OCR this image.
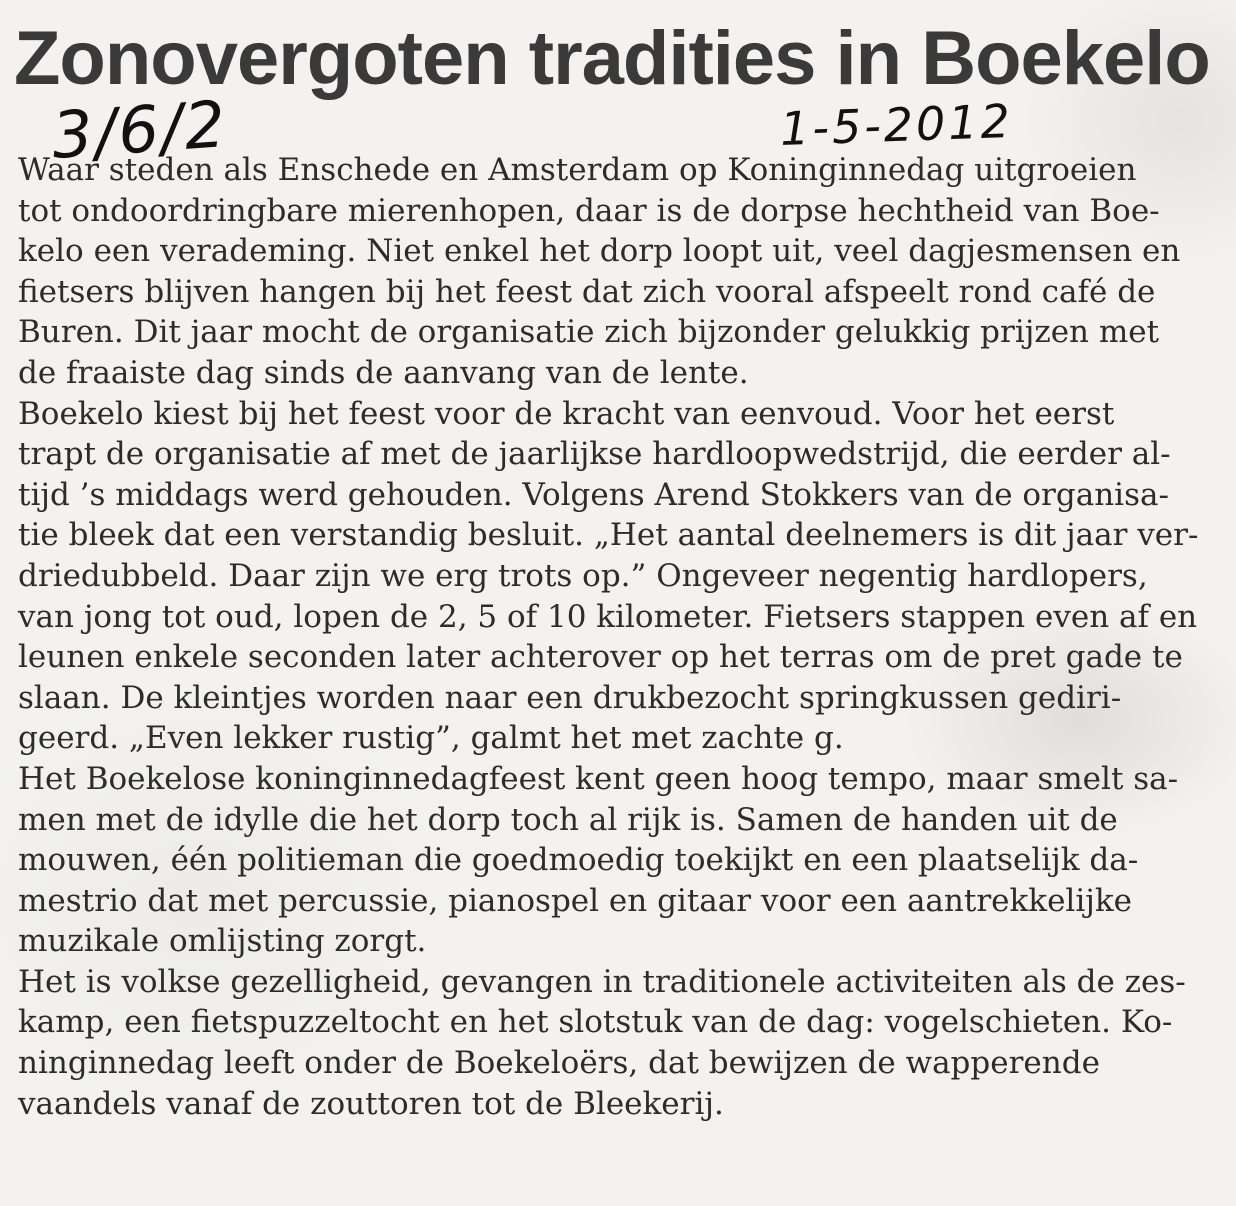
Zonovergoten tradities in Boekelo
3/6/2	1-5-2012
Waar steden als Enschede en Amsterdam op Koninginnedag uitgroeien
tot ondoordringbare mierenhopen, daar is de dorpse hechtheid van Boe-
kelo een verademing. Niet enkel het dorp loopt uit, veel dagjesmensen en
fietsers blijven hangen bij het feest dat zich vooral afspeelt rond café de
Buren. Dit jaar mocht de organisatie zich bijzonder gelukkig prijzen met
de fraaiste dag sinds de aanvang van de lente.
Boekelo kiest bij het feest voor de kracht van eenvoud. Voor het eerst
trapt de organisatie af met de jaarlijkse hardloopwedstrijd, die eerder al-
tijd ’s middags werd gehouden. Volgens Arend Stokkers van de organisa-
tie bleek dat een verstandig besluit. „Het aantal deelnemers is dit jaar ver-
driedubbeld. Daar zijn we erg trots op.” Ongeveer negentig hardlopers,
van jong tot oud, lopen de 2, 5 of 10 kilometer. Fietsers stappen even af en
leunen enkele seconden later achterover op het terras om de pret gade te
slaan. De kleintjes worden naar een drukbezocht springkussen gediri-
geerd. „Even lekker rustig”, galmt het met zachte g.
Het Boekelose koninginnedagfeest kent geen hoog tempo, maar smelt sa-
men met de idylle die het dorp toch al rijk is. Samen de handen uit de
mouwen, één politieman die goedmoedig toekijkt en een plaatselijk da-
mestrio dat met percussie, pianospel en gitaar voor een aantrekkelijke
muzikale omlijsting zorgt.
Het is volkse gezelligheid, gevangen in traditionele activiteiten als de zes-
kamp, een fietspuzzeltocht en het slotstuk van de dag: vogelschieten. Ko-
ninginnedag leeft onder de Boekeloërs, dat bewijzen de wapperende
vaandels vanaf de zouttoren tot de Bleekerij.
